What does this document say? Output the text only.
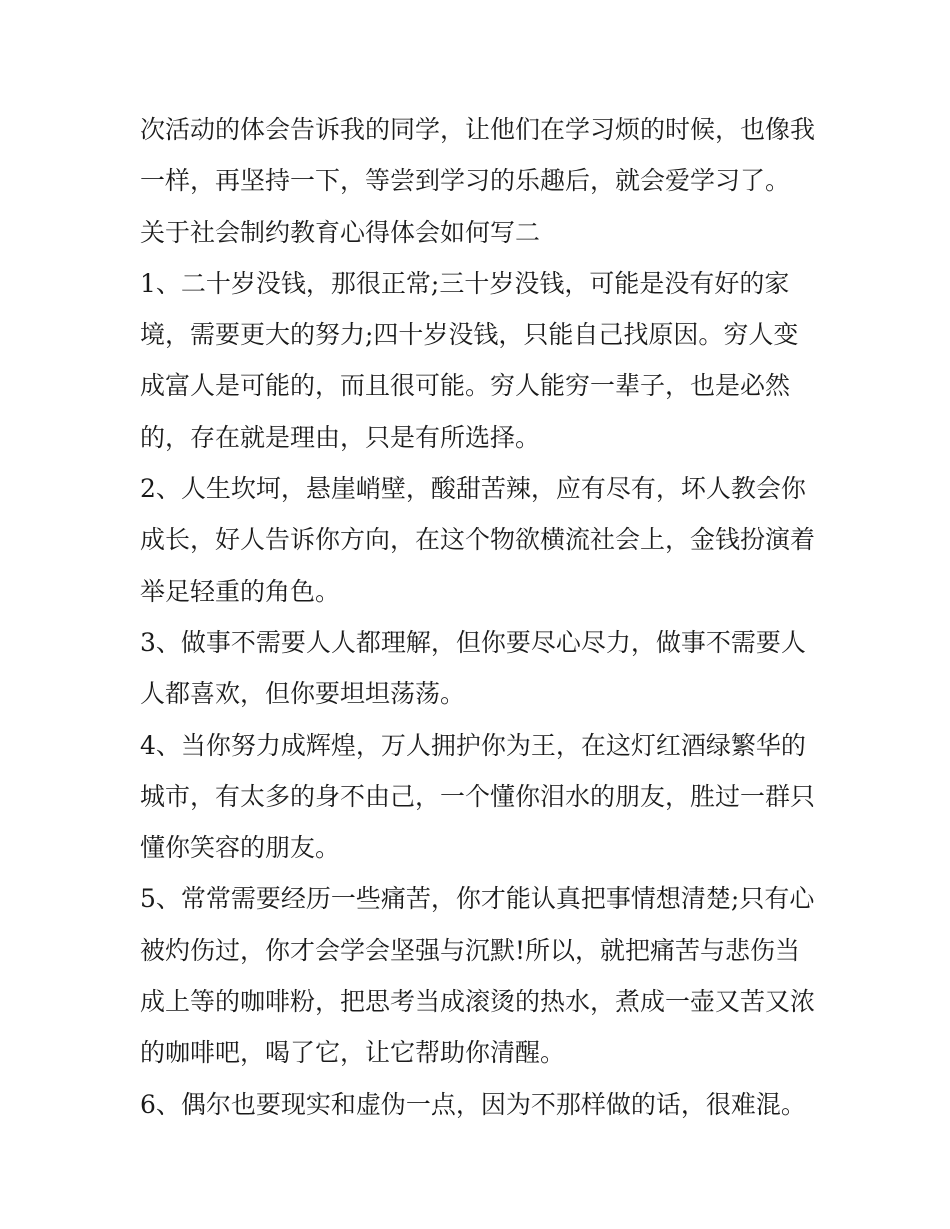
次活动的体会告诉我的同学，让他们在学习烦的时候，也像我
一样，再坚持一下，等尝到学习的乐趣后，就会爱学习了。
关于社会制约教育心得体会如何写二
1、二十岁没钱，那很正常;三十岁没钱，可能是没有好的家
境，需要更大的努力;四十岁没钱，只能自己找原因。穷人变
成富人是可能的，而且很可能。穷人能穷一辈子，也是必然
的，存在就是理由，只是有所选择。
2、人生坎坷，悬崖峭壁，酸甜苦辣，应有尽有，坏人教会你
成长，好人告诉你方向，在这个物欲横流社会上，金钱扮演着
举足轻重的角色。
3、做事不需要人人都理解，但你要尽心尽力，做事不需要人
人都喜欢，但你要坦坦荡荡。
4、当你努力成辉煌，万人拥护你为王，在这灯红酒绿繁华的
城市，有太多的身不由己，一个懂你泪水的朋友，胜过一群只
懂你笑容的朋友。
5、常常需要经历一些痛苦，你才能认真把事情想清楚;只有心
被灼伤过，你才会学会坚强与沉默!所以，就把痛苦与悲伤当
成上等的咖啡粉，把思考当成滚烫的热水，煮成一壶又苦又浓
的咖啡吧，喝了它，让它帮助你清醒。
6、偶尔也要现实和虚伪一点，因为不那样做的话，很难混。
